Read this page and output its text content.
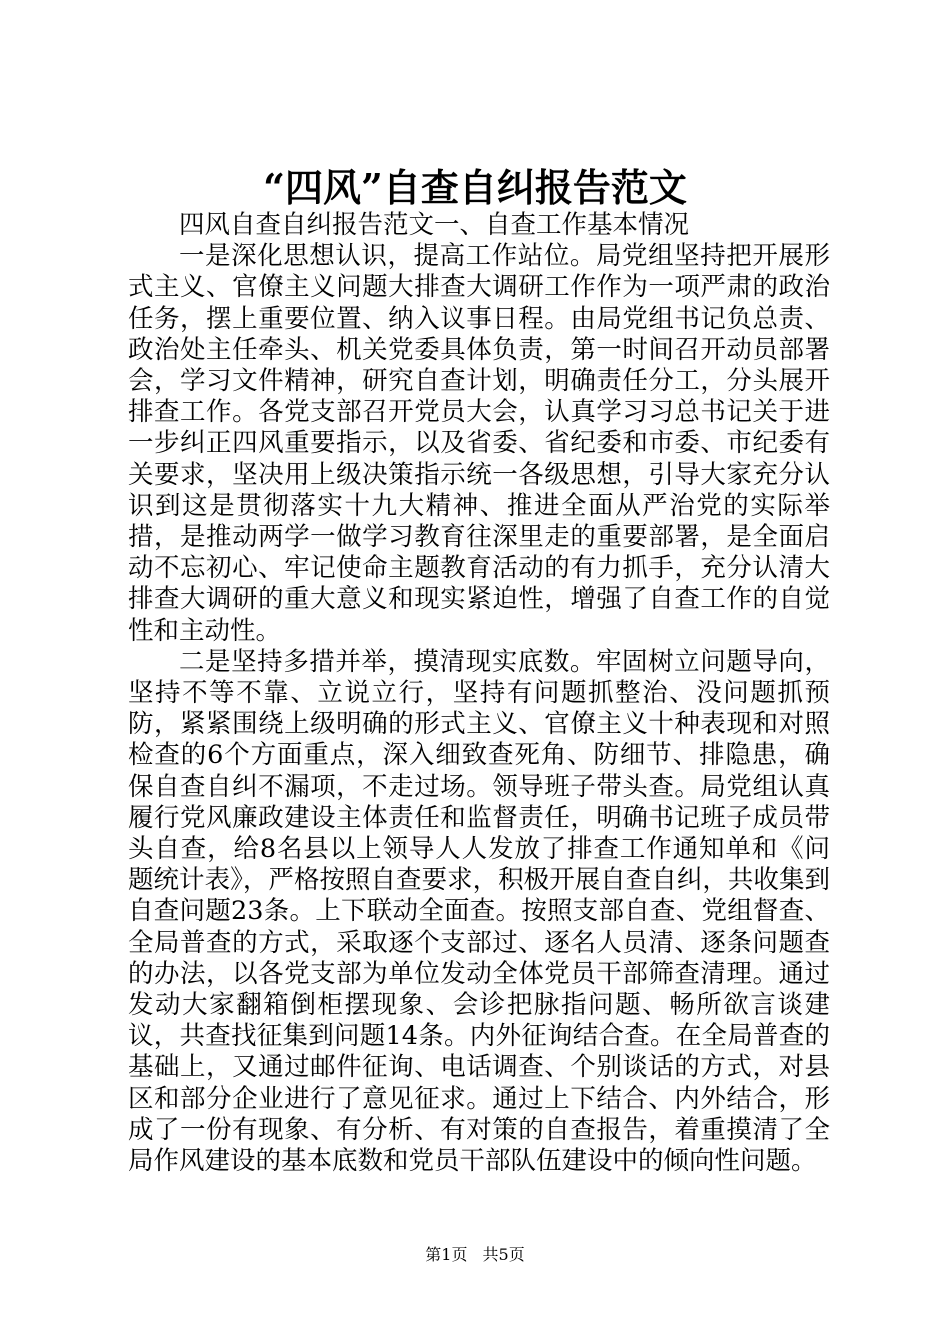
“四风”自查自纠报告范文

四风自查自纠报告范文一、自查工作基本情况

一是深化思想认识，提高工作站位。局党组坚持把开展形式主义、官僚主义问题大排查大调研工作作为一项严肃的政治任务，摆上重要位置、纳入议事日程。由局党组书记负总责、政治处主任牵头、机关党委具体负责，第一时间召开动员部署会，学习文件精神，研究自查计划，明确责任分工，分头展开排查工作。各党支部召开党员大会，认真学习习总书记关于进一步纠正四风重要指示，以及省委、省纪委和市委、市纪委有关要求，坚决用上级决策指示统一各级思想，引导大家充分认识到这是贯彻落实十九大精神、推进全面从严治党的实际举措，是推动两学一做学习教育往深里走的重要部署，是全面启动不忘初心、牢记使命主题教育活动的有力抓手，充分认清大排查大调研的重大意义和现实紧迫性，增强了自查工作的自觉性和主动性。

二是坚持多措并举，摸清现实底数。牢固树立问题导向，坚持不等不靠、立说立行，坚持有问题抓整治、没问题抓预防，紧紧围绕上级明确的形式主义、官僚主义十种表现和对照检查的6个方面重点，深入细致查死角、防细节、排隐患，确保自查自纠不漏项，不走过场。领导班子带头查。局党组认真履行党风廉政建设主体责任和监督责任，明确书记班子成员带头自查，给8名县以上领导人人发放了排查工作通知单和《问题统计表》，严格按照自查要求，积极开展自查自纠，共收集到自查问题23条。上下联动全面查。按照支部自查、党组督查、全局普查的方式，采取逐个支部过、逐名人员清、逐条问题查的办法，以各党支部为单位发动全体党员干部筛查清理。通过发动大家翻箱倒柜摆现象、会诊把脉指问题、畅所欲言谈建议，共查找征集到问题14条。内外征询结合查。在全局普查的基础上，又通过邮件征询、电话调查、个别谈话的方式，对县区和部分企业进行了意见征求。通过上下结合、内外结合，形成了一份有现象、有分析、有对策的自查报告，着重摸清了全局作风建设的基本底数和党员干部队伍建设中的倾向性问题。

第1页 共5页
